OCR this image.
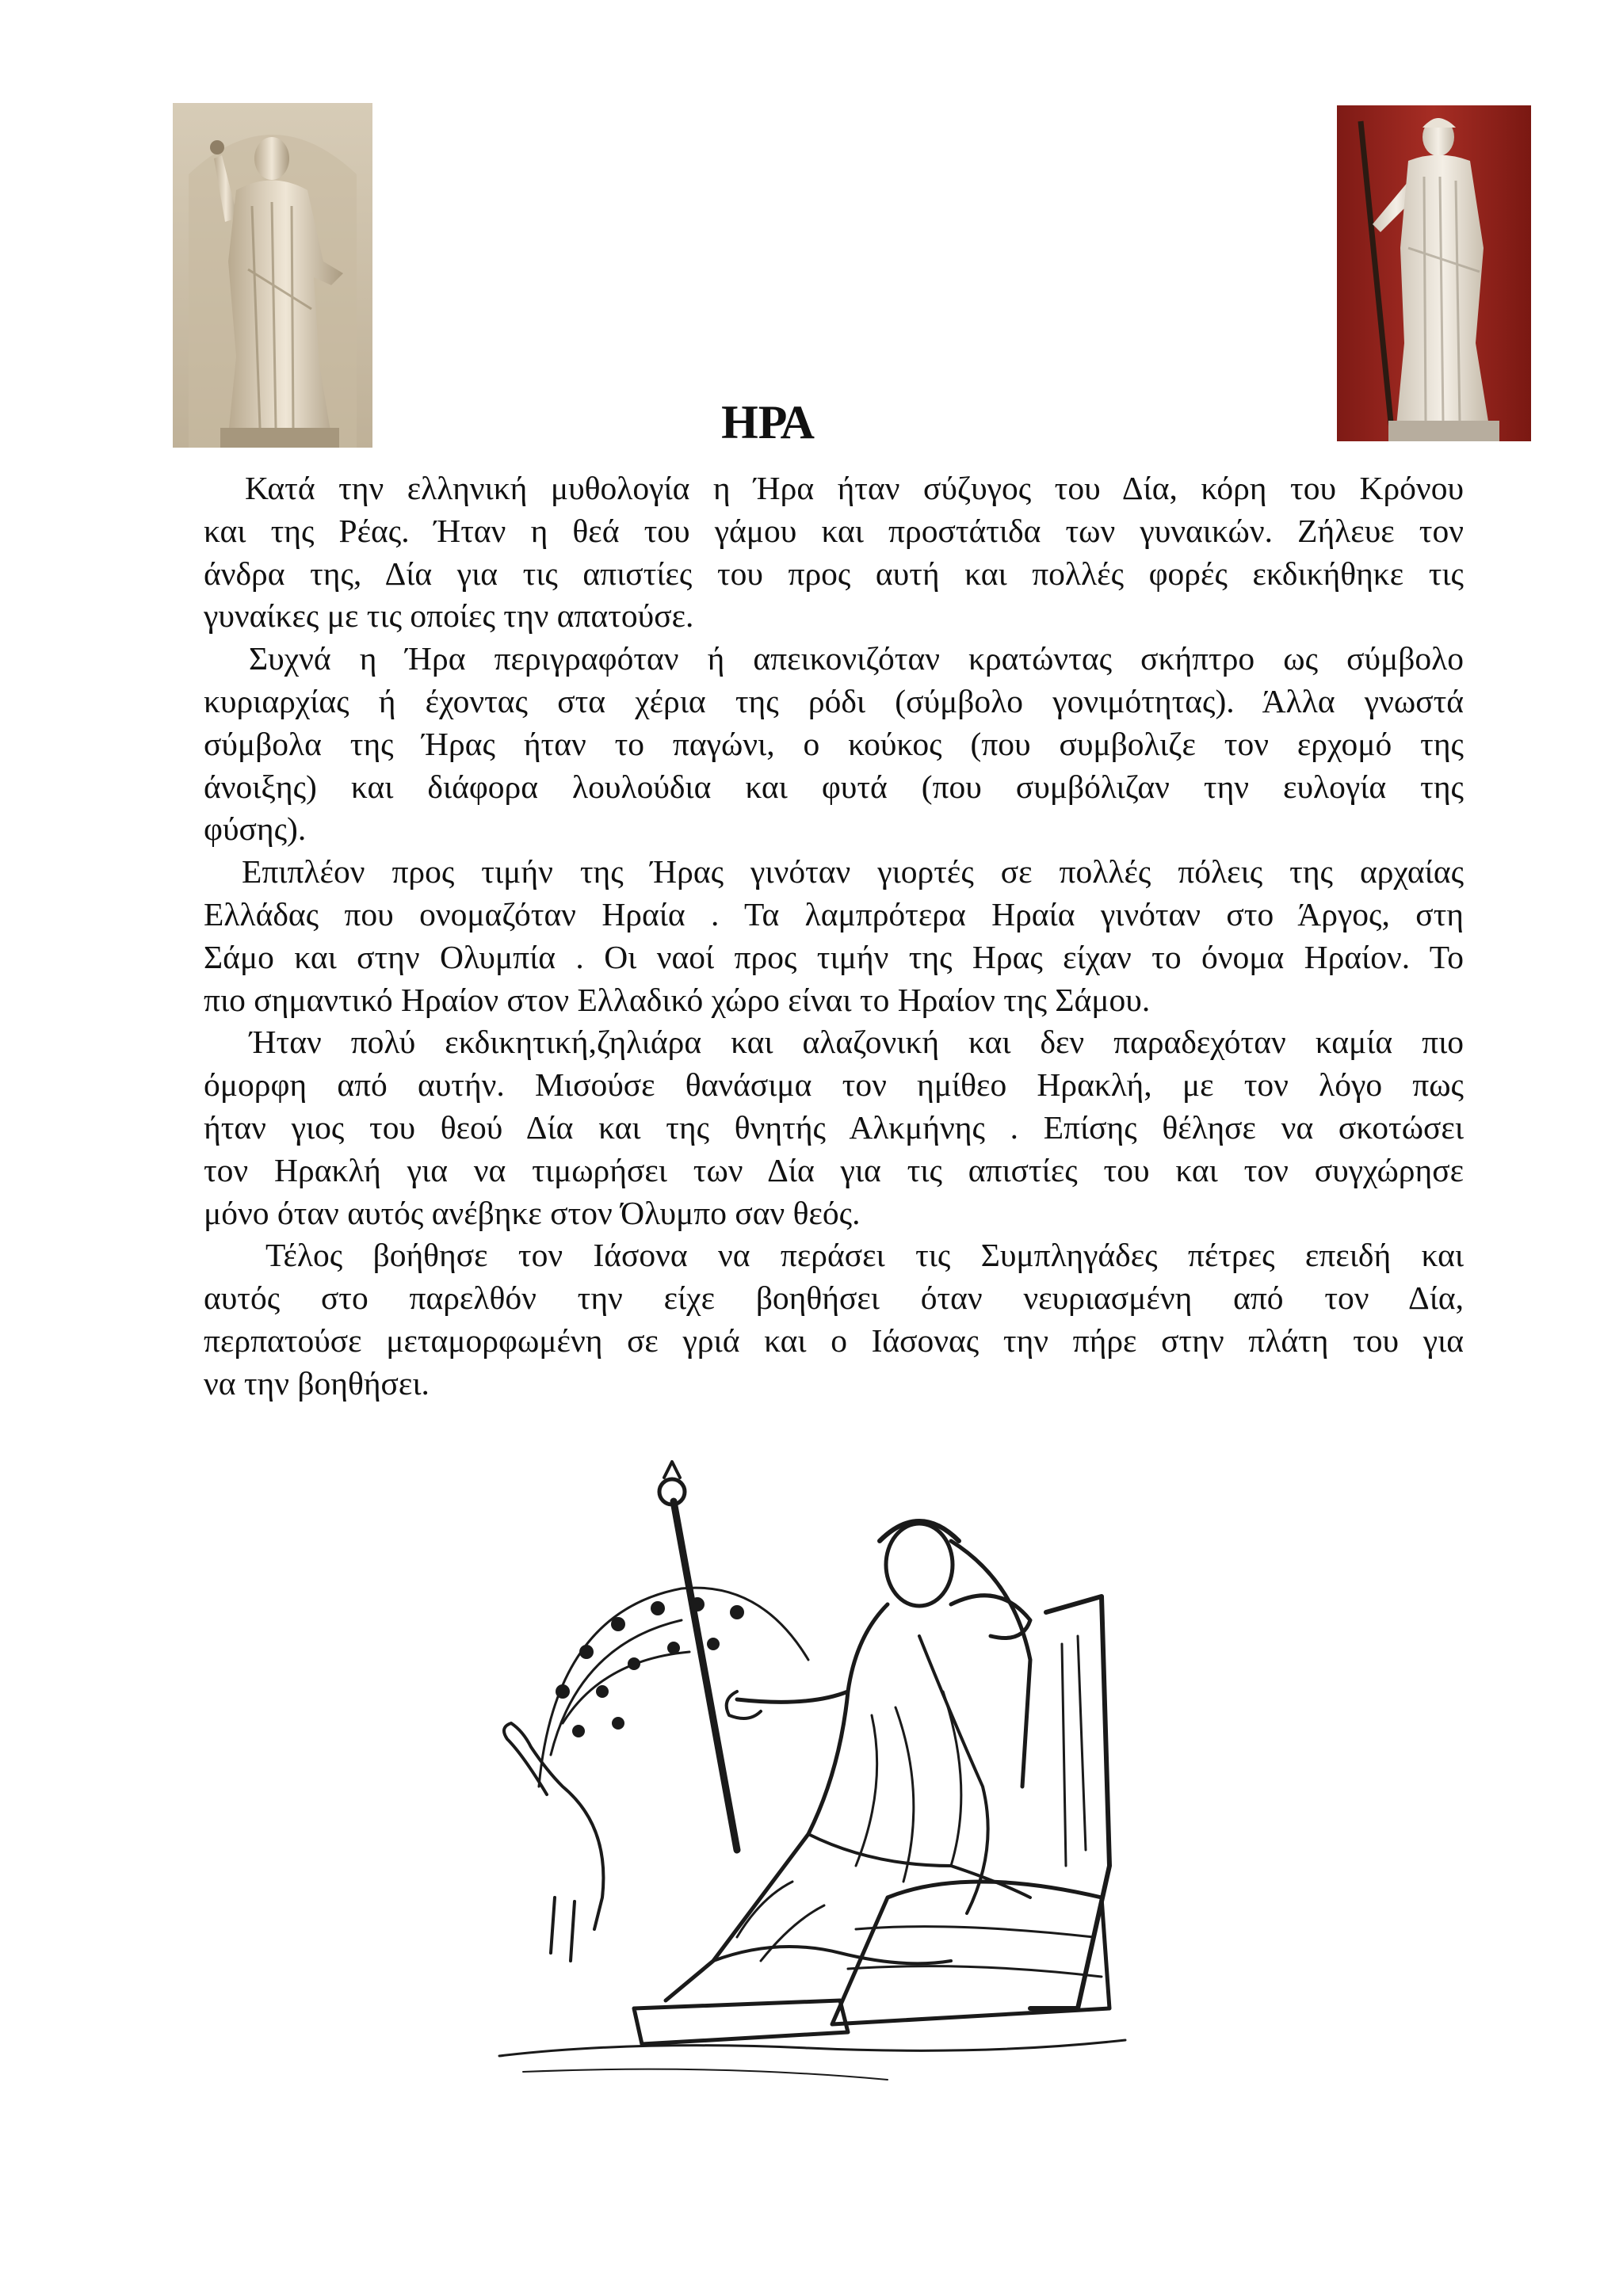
ΗΡΑ

Κατά την ελληνική μυθολογία η Ήρα ήταν σύζυγος του Δία, κόρη του Κρόνου
και της Ρέας. Ήταν η θεά του γάμου και προστάτιδα των γυναικών. Ζήλευε τον
άνδρα της, Δία για τις απιστίες του προς αυτή και πολλές φορές εκδικήθηκε τις
γυναίκες με τις οποίες την απατούσε.

Συχνά η Ήρα περιγραφόταν ή απεικονιζόταν κρατώντας σκήπτρο ως σύμβολο
κυριαρχίας ή έχοντας στα χέρια της ρόδι (σύμβολο γονιμότητας). Άλλα γνωστά
σύμβολα της Ήρας ήταν το παγώνι, ο κούκος (που συμβολιζε τον ερχομό της
άνοιξης) και διάφορα λουλούδια και φυτά (που συμβόλιζαν την ευλογία της
φύσης).

Επιπλέον προς τιμήν της Ήρας γινόταν γιορτές σε πολλές πόλεις της αρχαίας
Ελλάδας που ονομαζόταν Ηραία . Τα λαμπρότερα Ηραία γινόταν στο Άργος, στη
Σάμο και στην Ολυμπία . Οι ναοί προς τιμήν της Ηρας είχαν το όνομα Ηραίον. Το
πιο σημαντικό Ηραίον στον Ελλαδικό χώρο είναι το Ηραίον της Σάμου.

Ήταν πολύ εκδικητική,ζηλιάρα και αλαζονική και δεν παραδεχόταν καμία πιο
όμορφη από αυτήν. Μισούσε θανάσιμα τον ημίθεο Ηρακλή, με τον λόγο πως
ήταν γιος του θεού Δία και της θνητής Αλκμήνης . Επίσης θέλησε να σκοτώσει
τον Ηρακλή για να τιμωρήσει των Δία για τις απιστίες του και τον συγχώρησε
μόνο όταν αυτός ανέβηκε στον Όλυμπο σαν θεός.

Τέλος βοήθησε τον Ιάσονα να περάσει τις Συμπληγάδες πέτρες επειδή και
αυτός στο παρελθόν την είχε βοηθήσει όταν νευριασμένη από τον Δία,
περπατούσε μεταμορφωμένη σε γριά και ο Ιάσονας την πήρε στην πλάτη του για
να την βοηθήσει.
